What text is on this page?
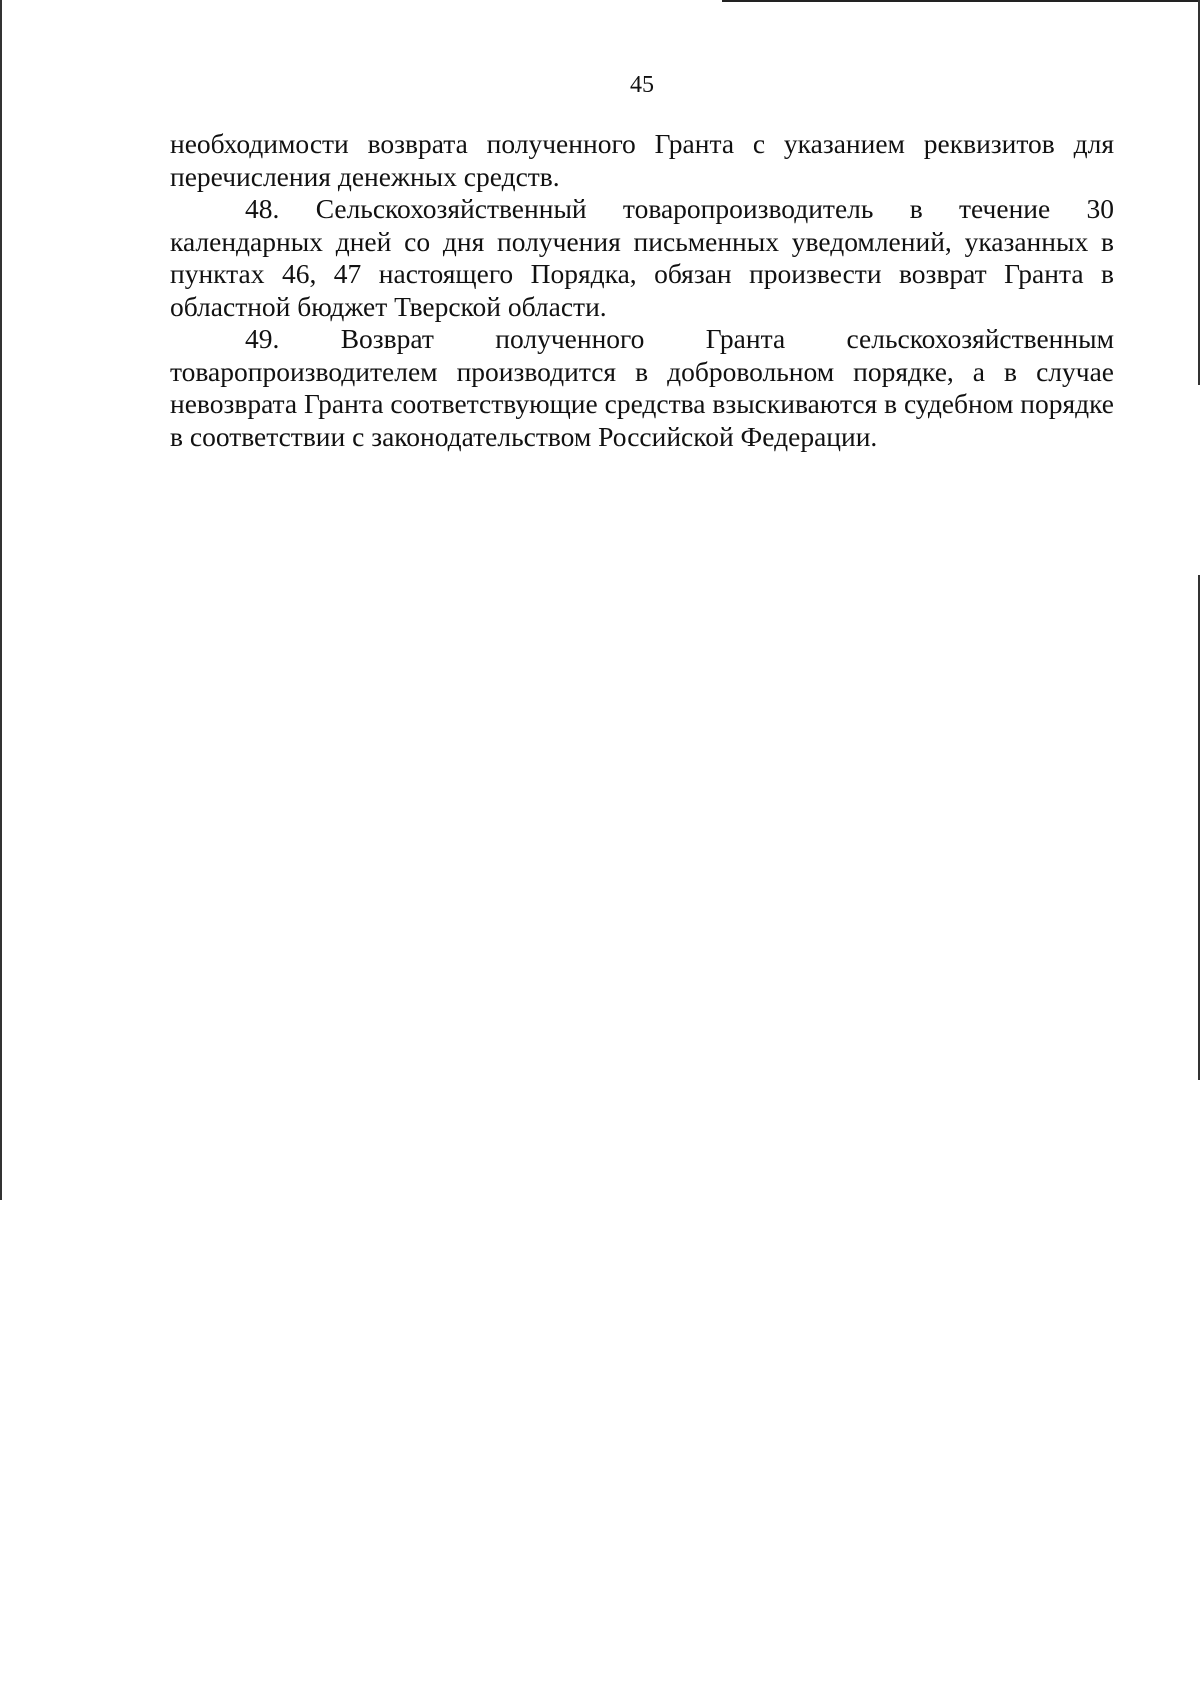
45

необходимости возврата полученного Гранта с указанием реквизитов для перечисления денежных средств.

48. Сельскохозяйственный товаропроизводитель в течение 30 календарных дней со дня получения письменных уведомлений, указанных в пунктах 46, 47 настоящего Порядка, обязан произвести возврат Гранта в областной бюджет Тверской области.

49. Возврат полученного Гранта сельскохозяйственным товаропроизводителем производится в добровольном порядке, а в случае невозврата Гранта соответствующие средства взыскиваются в судебном порядке в соответствии с законодательством Российской Федерации.
